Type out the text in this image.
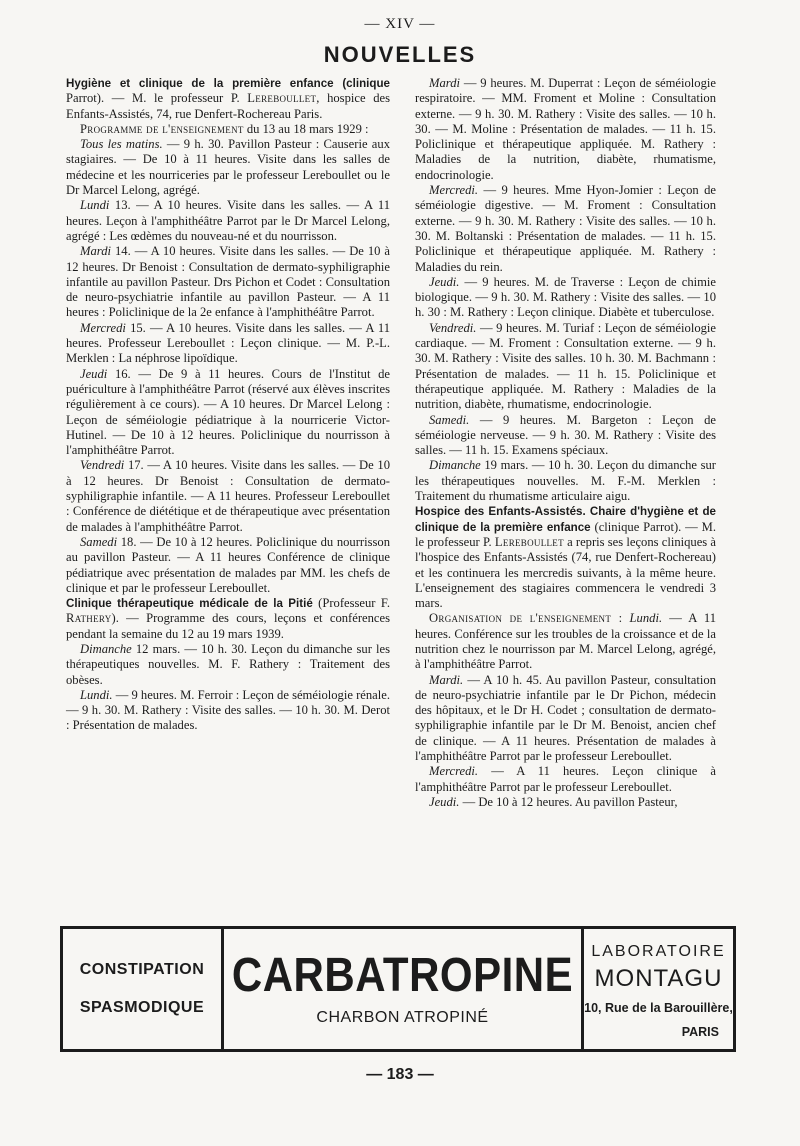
— XIV —
NOUVELLES

Hygiène et clinique de la première enfance (clinique Parrot). — M. le professeur P. Lereboullet, hospice des Enfants-Assistés, 74, rue Denfert-Rochereau Paris.

Programme de l'enseignement du 13 au 18 mars 1929 :

Tous les matins. — 9 h. 30. Pavillon Pasteur : Causerie aux stagiaires. — De 10 à 11 heures. Visite dans les salles de médecine et les nourriceries par le professeur Lereboullet ou le Dr Marcel Lelong, agrégé.

Lundi 13. — A 10 heures. Visite dans les salles. — A 11 heures. Leçon à l'amphithéâtre Parrot par le Dr Marcel Lelong, agrégé : Les œdèmes du nouveau-né et du nourrisson.

Mardi 14. — A 10 heures. Visite dans les salles. — De 10 à 12 heures. Dr Benoist : Consultation de dermato-syphiligraphie infantile au pavillon Pasteur. Drs Pichon et Codet : Consultation de neuro-psychiatrie infantile au pavillon Pasteur. — A 11 heures : Policlinique de la 2e enfance à l'amphithéâtre Parrot.

Mercredi 15. — A 10 heures. Visite dans les salles. — A 11 heures. Professeur Lereboullet : Leçon clinique. — M. P.-L. Merklen : La néphrose lipoïdique.

Jeudi 16. — De 9 à 11 heures. Cours de l'Institut de puériculture à l'amphithéâtre Parrot (réservé aux élèves inscrites régulièrement à ce cours). — A 10 heures. Dr Marcel Lelong : Leçon de séméiologie pédiatrique à la nourricerie Victor-Hutinel. — De 10 à 12 heures. Policlinique du nourrisson à l'amphithéâtre Parrot.

Vendredi 17. — A 10 heures. Visite dans les salles. — De 10 à 12 heures. Dr Benoist : Consultation de dermato-syphiligraphie infantile. — A 11 heures. Professeur Lereboullet : Conférence de diététique et de thérapeutique avec présentation de malades à l'amphithéâtre Parrot.

Samedi 18. — De 10 à 12 heures. Policlinique du nourrisson au pavillon Pasteur. — A 11 heures Conférence de clinique pédiatrique avec présentation de malades par MM. les chefs de clinique et par le professeur Lereboullet.

Clinique thérapeutique médicale de la Pitié (Professeur F. Rathery). — Programme des cours, leçons et conférences pendant la semaine du 12 au 19 mars 1939.

Dimanche 12 mars. — 10 h. 30. Leçon du dimanche sur les thérapeutiques nouvelles. M. F. Rathery : Traitement des obèses.

Lundi. — 9 heures. M. Ferroir : Leçon de séméiologie rénale. — 9 h. 30. M. Rathery : Visite des salles. — 10 h. 30. M. Derot : Présentation de malades.

Mardi — 9 heures. M. Duperrat : Leçon de séméiologie respiratoire. — MM. Froment et Moline : Consultation externe. — 9 h. 30. M. Rathery : Visite des salles. — 10 h. 30. — M. Moline : Présentation de malades. — 11 h. 15. Policlinique et thérapeutique appliquée. M. Rathery : Maladies de la nutrition, diabète, rhumatisme, endocrinologie.

Mercredi. — 9 heures. Mme Hyon-Jomier : Leçon de séméiologie digestive. — M. Froment : Consultation externe. — 9 h. 30. M. Rathery : Visite des salles. — 10 h. 30. M. Boltanski : Présentation de malades. — 11 h. 15. Policlinique et thérapeutique appliquée. M. Rathery : Maladies du rein.

Jeudi. — 9 heures. M. de Traverse : Leçon de chimie biologique. — 9 h. 30. M. Rathery : Visite des salles. — 10 h. 30 : M. Rathery : Leçon clinique. Diabète et tuberculose.

Vendredi. — 9 heures. M. Turiaf : Leçon de séméiologie cardiaque. — M. Froment : Consultation externe. — 9 h. 30. M. Rathery : Visite des salles. 10 h. 30. M. Bachmann : Présentation de malades. — 11 h. 15. Policlinique et thérapeutique appliquée. M. Rathery : Maladies de la nutrition, diabète, rhumatisme, endocrinologie.

Samedi. — 9 heures. M. Bargeton : Leçon de séméiologie nerveuse. — 9 h. 30. M. Rathery : Visite des salles. — 11 h. 15. Examens spéciaux.

Dimanche 19 mars. — 10 h. 30. Leçon du dimanche sur les thérapeutiques nouvelles. M. F.-M. Merklen : Traitement du rhumatisme articulaire aigu.

Hospice des Enfants-Assistés. Chaire d'hygiène et de clinique de la première enfance (clinique Parrot). — M. le professeur P. Lereboullet a repris ses leçons cliniques à l'hospice des Enfants-Assistés (74, rue Denfert-Rochereau) et les continuera les mercredis suivants, à la même heure. L'enseignement des stagiaires commencera le vendredi 3 mars.

Organisation de l'enseignement : Lundi. — A 11 heures. Conférence sur les troubles de la croissance et de la nutrition chez le nourrisson par M. Marcel Lelong, agrégé, à l'amphithéâtre Parrot.

Mardi. — A 10 h. 45. Au pavillon Pasteur, consultation de neuro-psychiatrie infantile par le Dr Pichon, médecin des hôpitaux, et le Dr H. Codet ; consultation de dermato-syphiligraphie infantile par le Dr M. Benoist, ancien chef de clinique. — A 11 heures. Présentation de malades à l'amphithéâtre Parrot par le professeur Lereboullet.

Mercredi. — A 11 heures. Leçon clinique à l'amphithéâtre Parrot par le professeur Lereboullet.

Jeudi. — De 10 à 12 heures. Au pavillon Pasteur,

CONSTIPATION
SPASMODIQUE
CARBATROPINE
CHARBON ATROPINÉ
LABORATOIRE
MONTAGU
10, Rue de la Barouillère,
PARIS
— 183 —
